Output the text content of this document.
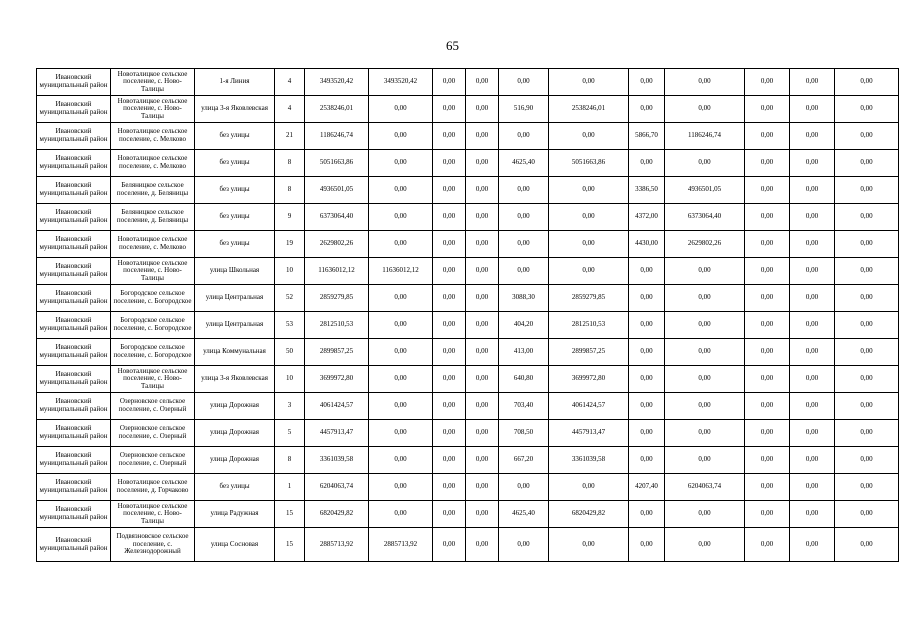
65
Ивановский муниципальный район	Новоталицкое сельское поселение, с. Ново-Талицы	1-я Линия	4	3493520,42	3493520,42	0,00	0,00	0,00	0,00	0,00	0,00	0,00	0,00	0,00
Ивановский муниципальный район	Новоталицкое сельское поселение, с. Ново-Талицы	улица 3-я Яковлевская	4	2538246,01	0,00	0,00	0,00	516,90	2538246,01	0,00	0,00	0,00	0,00	0,00
Ивановский муниципальный район	Новоталицкое сельское поселение, с. Мелково	без улицы	21	1186246,74	0,00	0,00	0,00	0,00	0,00	5866,70	1186246,74	0,00	0,00	0,00
Ивановский муниципальный район	Новоталицкое сельское поселение, с. Мелково	без улицы	8	5051663,86	0,00	0,00	0,00	4625,40	5051663,86	0,00	0,00	0,00	0,00	0,00
Ивановский муниципальный район	Беляницкое сельское поселение, д. Беляницы	без улицы	8	4936501,05	0,00	0,00	0,00	0,00	0,00	3386,50	4936501,05	0,00	0,00	0,00
Ивановский муниципальный район	Беляницкое сельское поселение, д. Беляницы	без улицы	9	6373064,40	0,00	0,00	0,00	0,00	0,00	4372,00	6373064,40	0,00	0,00	0,00
Ивановский муниципальный район	Новоталицкое сельское поселение, с. Мелково	без улицы	19	2629802,26	0,00	0,00	0,00	0,00	0,00	4430,00	2629802,26	0,00	0,00	0,00
Ивановский муниципальный район	Новоталицкое сельское поселение, с. Ново-Талицы	улица Школьная	10	11636012,12	11636012,12	0,00	0,00	0,00	0,00	0,00	0,00	0,00	0,00	0,00
Ивановский муниципальный район	Богородское сельское поселение, с. Богородское	улица Центральная	52	2859279,85	0,00	0,00	0,00	3088,30	2859279,85	0,00	0,00	0,00	0,00	0,00
Ивановский муниципальный район	Богородское сельское поселение, с. Богородское	улица Центральная	53	2812510,53	0,00	0,00	0,00	404,20	2812510,53	0,00	0,00	0,00	0,00	0,00
Ивановский муниципальный район	Богородское сельское поселение, с. Богородское	улица Коммунальная	50	2899857,25	0,00	0,00	0,00	413,00	2899857,25	0,00	0,00	0,00	0,00	0,00
Ивановский муниципальный район	Новоталицкое сельское поселение, с. Ново-Талицы	улица 3-я Яковлевская	10	3699972,80	0,00	0,00	0,00	640,80	3699972,80	0,00	0,00	0,00	0,00	0,00
Ивановский муниципальный район	Озерновское сельское поселение, с. Озерный	улица Дорожная	3	4061424,57	0,00	0,00	0,00	703,40	4061424,57	0,00	0,00	0,00	0,00	0,00
Ивановский муниципальный район	Озерновское сельское поселение, с. Озерный	улица Дорожная	5	4457913,47	0,00	0,00	0,00	708,50	4457913,47	0,00	0,00	0,00	0,00	0,00
Ивановский муниципальный район	Озерновское сельское поселение, с. Озерный	улица Дорожная	8	3361039,58	0,00	0,00	0,00	667,20	3361039,58	0,00	0,00	0,00	0,00	0,00
Ивановский муниципальный район	Новоталицкое сельское поселение, д. Горчаково	без улицы	1	6204063,74	0,00	0,00	0,00	0,00	0,00	4207,40	6204063,74	0,00	0,00	0,00
Ивановский муниципальный район	Новоталицкое сельское поселение, с. Ново-Талицы	улица Радужная	15	6820429,82	0,00	0,00	0,00	4625,40	6820429,82	0,00	0,00	0,00	0,00	0,00
Ивановский муниципальный район	Подвязновское сельское поселение, с. Железнодорожный	улица Сосновая	15	2885713,92	2885713,92	0,00	0,00	0,00	0,00	0,00	0,00	0,00	0,00	0,00
